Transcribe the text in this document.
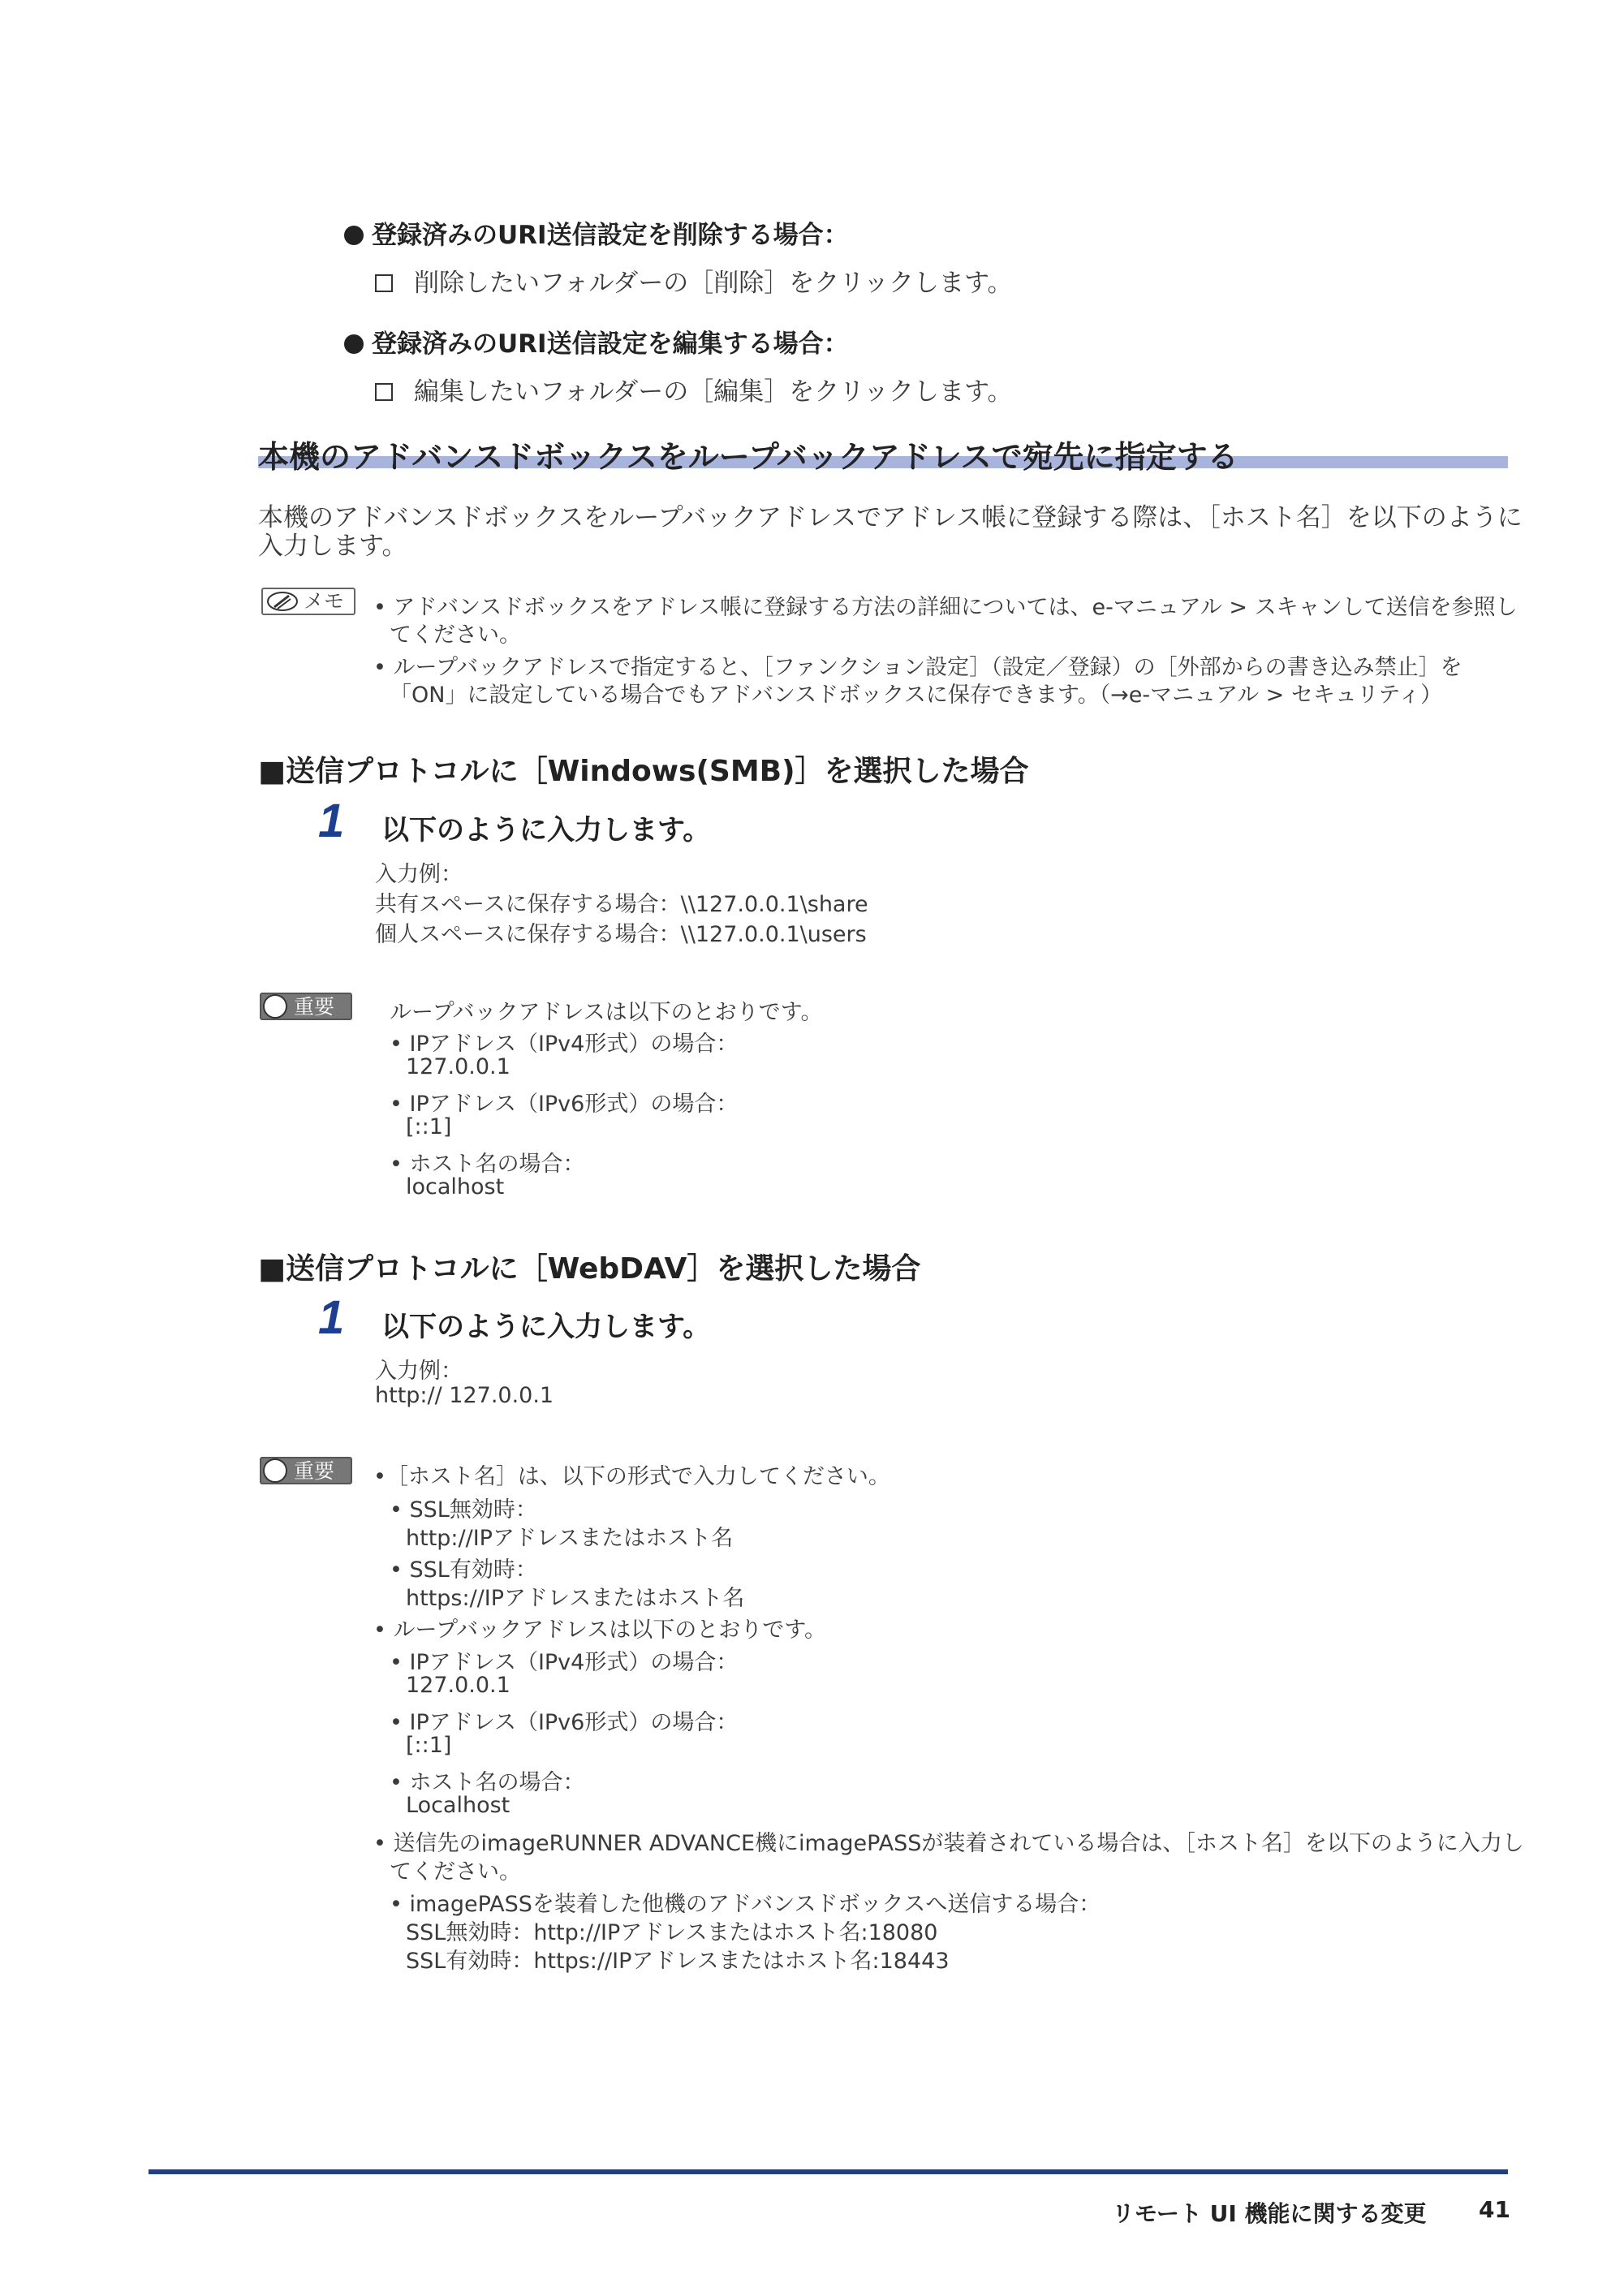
登録済みのURI送信設定を削除する場合：
削除したいフォルダーの［削除］をクリックします。
登録済みのURI送信設定を編集する場合：
編集したいフォルダーの［編集］をクリックします。
本機のアドバンスドボックスをループバックアドレスで宛先に指定する
本機のアドバンスドボックスをループバックアドレスでアドレス帳に登録する際は、［ホスト名］を以下のように
入力します。
メモ	• アドバンスドボックスをアドレス帳に登録する方法の詳細については、e-マニュアル > スキャンして送信を参照し
てください。
• ループバックアドレスで指定すると、［ファンクション設定］（設定／登録）の［外部からの書き込み禁止］を
「ON」に設定している場合でもアドバンスドボックスに保存できます。（→e-マニュアル > セキュリティ）
■送信プロトコルに［Windows(SMB)］を選択した場合
1 以下のように入力します。
入力例：
共有スペースに保存する場合：\\127.0.0.1\share
個人スペースに保存する場合：\\127.0.0.1\users
重要	ループバックアドレスは以下のとおりです。
• IPアドレス（IPv4形式）の場合：
127.0.0.1
• IPアドレス（IPv6形式）の場合：
[::1]
• ホスト名の場合：
localhost
■送信プロトコルに［WebDAV］を選択した場合
1 以下のように入力します。
入力例：
http:// 127.0.0.1
重要	•［ホスト名］は、以下の形式で入力してください。
• SSL無効時：
http://IPアドレスまたはホスト名
• SSL有効時：
https://IPアドレスまたはホスト名
• ループバックアドレスは以下のとおりです。
• IPアドレス（IPv4形式）の場合：
127.0.0.1
• IPアドレス（IPv6形式）の場合：
[::1]
• ホスト名の場合：
Localhost
• 送信先のimageRUNNER ADVANCE機にimagePASSが装着されている場合は、［ホスト名］を以下のように入力し
てください。
• imagePASSを装着した他機のアドバンスドボックスへ送信する場合：
SSL無効時：http://IPアドレスまたはホスト名:18080
SSL有効時：https://IPアドレスまたはホスト名:18443
リモート UI 機能に関する変更 41
